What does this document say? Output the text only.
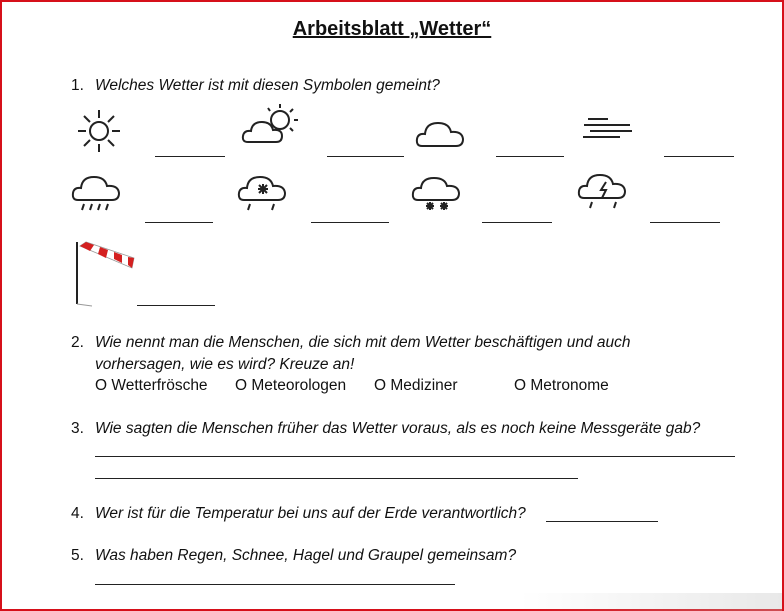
Arbeitsblatt „Wetter“
1. Welches Wetter ist mit diesen Symbolen gemeint?
2. Wie nennt man die Menschen, die sich mit dem Wetter beschäftigen und auch
vorhersagen, wie es wird? Kreuze an!
O Wetterfrösche O Meteorologen O Mediziner	O Metronome
3. Wie sagten die Menschen früher das Wetter voraus, als es noch keine Messgeräte gab?
4. Wer ist für die Temperatur bei uns auf der Erde verantwortlich?
5. Was haben Regen, Schnee, Hagel und Graupel gemeinsam?
